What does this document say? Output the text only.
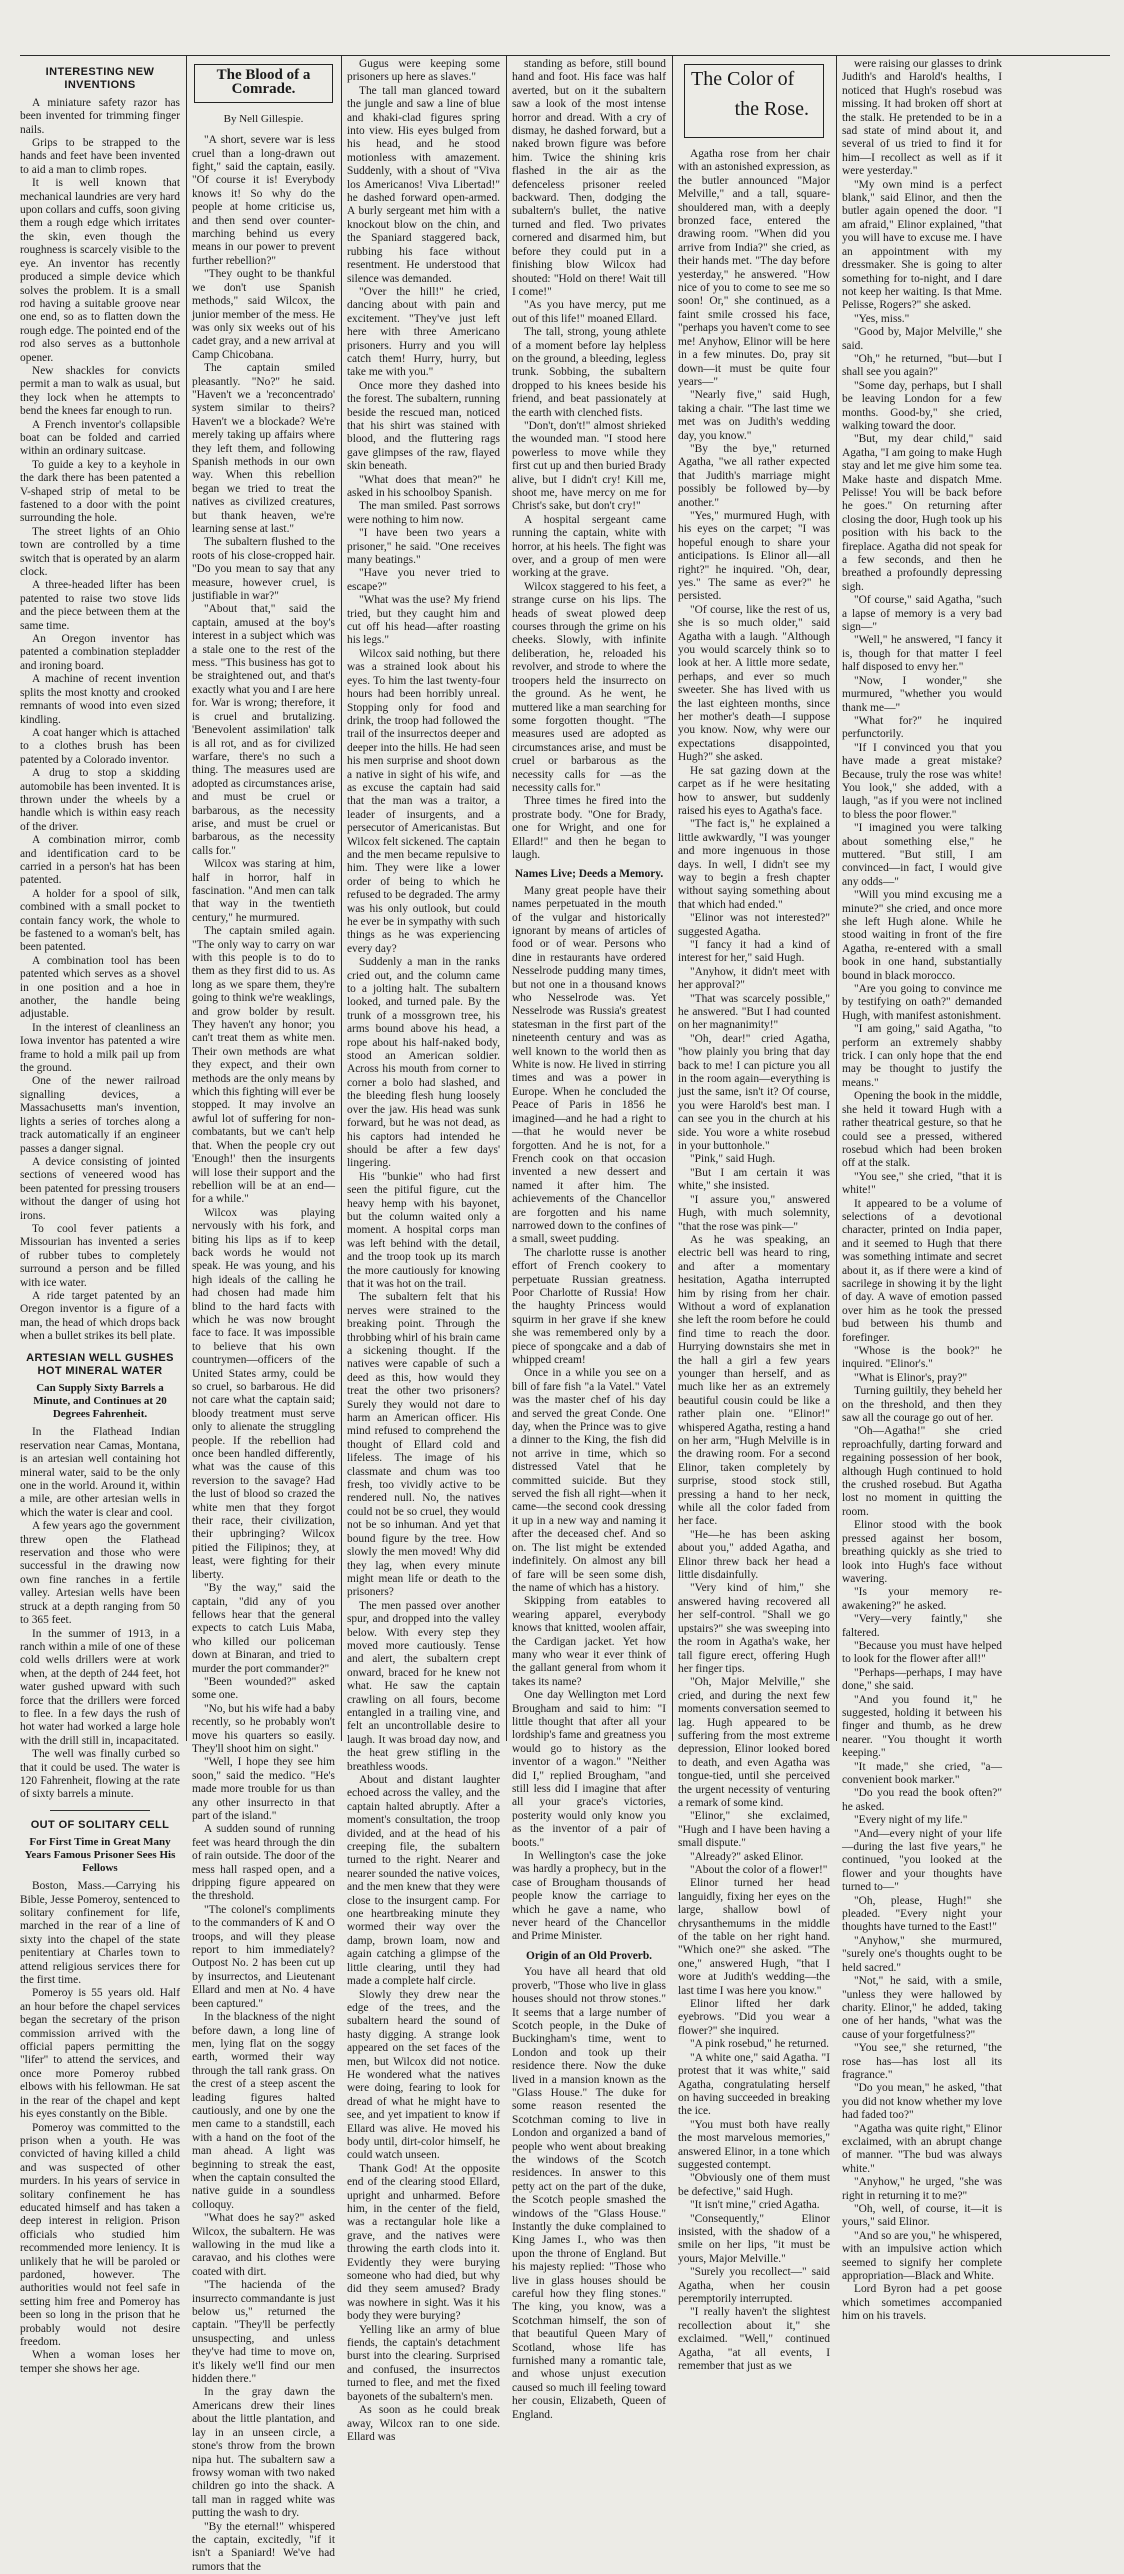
INTERESTING NEW INVENTIONS

A miniature safety razor has been invented for trimming finger nails.

Grips to be strapped to the hands and feet have been invented to aid a man to climb ropes.

It is well known that mechanical laundries are very hard upon collars and cuffs, soon giving them a rough edge which irritates the skin, even though the roughness is scarcely visible to the eye. An inventor has recently produced a simple device which solves the problem. It is a small rod having a suitable groove near one end, so as to flatten down the rough edge. The pointed end of the rod also serves as a buttonhole opener.

New shackles for convicts permit a man to walk as usual, but they lock when he attempts to bend the knees far enough to run.

A French inventor's collapsible boat can be folded and carried within an ordinary suitcase.

To guide a key to a keyhole in the dark there has been patented a V-shaped strip of metal to be fastened to a door with the point surrounding the hole.

The street lights of an Ohio town are controlled by a time switch that is operated by an alarm clock.

A three-headed lifter has been patented to raise two stove lids and the piece between them at the same time.

An Oregon inventor has patented a combination stepladder and ironing board.

A machine of recent invention splits the most knotty and crooked remnants of wood into even sized kindling.

A coat hanger which is attached to a clothes brush has been patented by a Colorado inventor.

A drug to stop a skidding automobile has been invented. It is thrown under the wheels by a handle which is within easy reach of the driver.

A combination mirror, comb and identification card to be carried in a person's hat has been patented.

A holder for a spool of silk, combined with a small pocket to contain fancy work, the whole to be fastened to a woman's belt, has been patented.

A combination tool has been patented which serves as a shovel in one position and a hoe in another, the handle being adjustable.

In the interest of cleanliness an Iowa inventor has patented a wire frame to hold a milk pail up from the ground.

One of the newer railroad signalling devices, a Massachusetts man's invention, lights a series of torches along a track automatically if an engineer passes a danger signal.

A device consisting of jointed sections of veneered wood has been patented for pressing trousers without the danger of using hot irons.

To cool fever patients a Missourian has invented a series of rubber tubes to completely surround a person and be filled with ice water.

A ride target patented by an Oregon inventor is a figure of a man, the head of which drops back when a bullet strikes its bell plate.

ARTESIAN WELL GUSHES HOT MINERAL WATER
Can Supply Sixty Barrels a Minute, and Continues at 20 Degrees Fahrenheit.

In the Flathead Indian reservation near Camas, Montana, is an artesian well containing hot mineral water, said to be the only one in the world. Around it, within a mile, are other artesian wells in which the water is clear and cool.

A few years ago the government threw open the Flathead reservation and those who were successful in the drawing now own fine ranches in a fertile valley. Artesian wells have been struck at a depth ranging from 50 to 365 feet.

In the summer of 1913, in a ranch within a mile of one of these cold wells drillers were at work when, at the depth of 244 feet, hot water gushed upward with such force that the drillers were forced to flee. In a few days the rush of hot water had worked a large hole with the drill still in, incapacitated.

The well was finally curbed so that it could be used. The water is 120 Fahrenheit, flowing at the rate of sixty barrels a minute.

OUT OF SOLITARY CELL
For First Time in Great Many Years Famous Prisoner Sees His Fellows

Boston, Mass.—Carrying his Bible, Jesse Pomeroy, sentenced to solitary confinement for life, marched in the rear of a line of sixty into the chapel of the state penitentiary at Charles town to attend religious services there for the first time.

Pomeroy is 55 years old. Half an hour before the chapel services began the secretary of the prison commission arrived with the official papers permitting the "lifer" to attend the services, and once more Pomeroy rubbed elbows with his fellowman. He sat in the rear of the chapel and kept his eyes constantly on the Bible.

Pomeroy was committed to the prison when a youth. He was convicted of having killed a child and was suspected of other murders. In his years of service in solitary confinement he has educated himself and has taken a deep interest in religion. Prison officials who studied him recommended more leniency. It is unlikely that he will be paroled or pardoned, however. The authorities would not feel safe in setting him free and Pomeroy has been so long in the prison that he probably would not desire freedom.

When a woman loses her temper she shows her age.

The Blood of a Comrade.
By Nell Gillespie.

"A short, severe war is less cruel than a long-drawn out fight," said the captain, easily. "Of course it is! Everybody knows it! So why do the people at home criticise us, and then send over counter-marching behind us every means in our power to prevent further rebellion?"

"They ought to be thankful we don't use Spanish methods," said Wilcox, the junior member of the mess. He was only six weeks out of his cadet gray, and a new arrival at Camp Chicobana.

The captain smiled pleasantly. "No?" he said. "Haven't we a 'reconcentrado' system similar to theirs? Haven't we a blockade? We're merely taking up affairs where they left them, and following Spanish methods in our own way. When this rebellion began we tried to treat the natives as civilized creatures, but thank heaven, we're learning sense at last."

The subaltern flushed to the roots of his close-cropped hair. "Do you mean to say that any measure, however cruel, is justifiable in war?"

"About that," said the captain, amused at the boy's interest in a subject which was a stale one to the rest of the mess. "This business has got to be straightened out, and that's exactly what you and I are here for. War is wrong; therefore, it is cruel and brutalizing. 'Benevolent assimilation' talk is all rot, and as for civilized warfare, there's no such a thing. The measures used are adopted as circumstances arise, and must be cruel or barbarous, as the necessity arise, and must be cruel or barbarous, as the necessity calls for."

Wilcox was staring at him, half in horror, half in fascination. "And men can talk that way in the twentieth century," he murmured.

The captain smiled again. "The only way to carry on war with this people is to do to them as they first did to us. As long as we spare them, they're going to think we're weaklings, and grow bolder by result. They haven't any honor; you can't treat them as white men. Their own methods are what they expect, and their own methods are the only means by which this fighting will ever be stopped. It may involve an awful lot of suffering for non-combatants, but we can't help that. When the people cry out 'Enough!' then the insurgents will lose their support and the rebellion will be at an end—for a while."

Wilcox was playing nervously with his fork, and biting his lips as if to keep back words he would not speak. He was young, and his high ideals of the calling he had chosen had made him blind to the hard facts with which he was now brought face to face. It was impossible to believe that his own countrymen—officers of the United States army, could be so cruel, so barbarous. He did not care what the captain said; bloody treatment must serve only to alienate the struggling people. If the rebellion had once been handled differently, what was the cause of this reversion to the savage? Had the lust of blood so crazed the white men that they forgot their race, their civilization, their upbringing? Wilcox pitied the Filipinos; they, at least, were fighting for their liberty.

"By the way," said the captain, "did any of you fellows hear that the general expects to catch Luis Maba, who killed our policeman down at Binaran, and tried to murder the port commander?"

"Been wounded?" asked some one.

"No, but his wife had a baby recently, so he probably won't move his quarters so easily. They'll shoot him on sight."

"Well, I hope they see him soon," said the medico. "He's made more trouble for us than any other insurrecto in that part of the island."

A sudden sound of running feet was heard through the din of rain outside. The door of the mess hall rasped open, and a dripping figure appeared on the threshold.

"The colonel's compliments to the commanders of K and O troops, and will they please report to him immediately? Outpost No. 2 has been cut up by insurrectos, and Lieutenant Ellard and men at No. 4 have been captured."

In the blackness of the night before dawn, a long line of men, lying flat on the soggy earth, wormed their way through the tall rank grass. On the crest of a steep ascent the leading figures halted cautiously, and one by one the men came to a standstill, each with a hand on the foot of the man ahead. A light was beginning to streak the east, when the captain consulted the native guide in a soundless colloquy.

"What does he say?" asked Wilcox, the subaltern. He was wallowing in the mud like a caravao, and his clothes were coated with dirt.

"The hacienda of the insurrecto commandante is just below us," returned the captain. "They'll be perfectly unsuspecting, and unless they've had time to move on, it's likely we'll find our men hidden there."

In the gray dawn the Americans drew their lines about the little plantation, and lay in an unseen circle, a stone's throw from the brown nipa hut. The subaltern saw a frowsy woman with two naked children go into the shack. A tall man in ragged white was putting the wash to dry.

"By the eternal!" whispered the captain, excitedly, "if it isn't a Spaniard! We've had rumors that the

Gugus were keeping some prisoners up here as slaves."

The tall man glanced toward the jungle and saw a line of blue and khaki-clad figures spring into view. His eyes bulged from his head, and he stood motionless with amazement. Suddenly, with a shout of "Viva los Americanos! Viva Libertad!" he dashed forward open-armed. A burly sergeant met him with a knockout blow on the chin, and the Spaniard staggered back, rubbing his face without resentment. He understood that silence was demanded.

"Over the hill!" he cried, dancing about with pain and excitement. "They've just left here with three Americano prisoners. Hurry and you will catch them! Hurry, hurry, but take me with you."

Once more they dashed into the forest. The subaltern, running beside the rescued man, noticed that his shirt was stained with blood, and the fluttering rags gave glimpses of the raw, flayed skin beneath.

"What does that mean?" he asked in his schoolboy Spanish.

The man smiled. Past sorrows were nothing to him now.

"I have been two years a prisoner," he said. "One receives many beatings."

"Have you never tried to escape?"

"What was the use? My friend tried, but they caught him and cut off his head—after roasting his legs."

Wilcox said nothing, but there was a strained look about his eyes. To him the last twenty-four hours had been horribly unreal. Stopping only for food and drink, the troop had followed the trail of the insurrectos deeper and deeper into the hills. He had seen his men surprise and shoot down a native in sight of his wife, and as excuse the captain had said that the man was a traitor, a leader of insurgents, and a persecutor of Americanistas. But Wilcox felt sickened. The captain and the men became repulsive to him. They were like a lower order of being to which he refused to be degraded. The army was his only outlook, but could he ever be in sympathy with such things as he was experiencing every day?

Suddenly a man in the ranks cried out, and the column came to a jolting halt. The subaltern looked, and turned pale. By the trunk of a mossgrown tree, his arms bound above his head, a rope about his half-naked body, stood an American soldier. Across his mouth from corner to corner a bolo had slashed, and the bleeding flesh hung loosely over the jaw. His head was sunk forward, but he was not dead, as his captors had intended he should be after a few days' lingering.

His "bunkie" who had first seen the pitiful figure, cut the heavy hemp with his bayonet, but the column waited only a moment. A hospital corps man was left behind with the detail, and the troop took up its march the more cautiously for knowing that it was hot on the trail.

The subaltern felt that his nerves were strained to the breaking point. Through the throbbing whirl of his brain came a sickening thought. If the natives were capable of such a deed as this, how would they treat the other two prisoners? Surely they would not dare to harm an American officer. His mind refused to comprehend the thought of Ellard cold and lifeless. The image of his classmate and chum was too fresh, too vividly active to be rendered null. No, the natives could not be so cruel, they would not be so inhuman. And yet that bound figure by the tree. How slowly the men moved! Why did they lag, when every minute might mean life or death to the prisoners?

The men passed over another spur, and dropped into the valley below. With every step they moved more cautiously. Tense and alert, the subaltern crept onward, braced for he knew not what. He saw the captain crawling on all fours, become entangled in a trailing vine, and felt an uncontrollable desire to laugh. It was broad day now, and the heat grew stifling in the breathless woods.

About and distant laughter echoed across the valley, and the captain halted abruptly. After a moment's consultation, the troop divided, and at the head of his creeping file, the subaltern turned to the right. Nearer and nearer sounded the native voices, and the men knew that they were close to the insurgent camp. For one heartbreaking minute they wormed their way over the damp, brown loam, now and again catching a glimpse of the little clearing, until they had made a complete half circle.

Slowly they drew near the edge of the trees, and the subaltern heard the sound of hasty digging. A strange look appeared on the set faces of the men, but Wilcox did not notice. He wondered what the natives were doing, fearing to look for dread of what he might have to see, and yet impatient to know if Ellard was alive. He moved his body until, dirt-color himself, he could watch unseen.

Thank God! At the opposite end of the clearing stood Ellard, upright and unharmed. Before him, in the center of the field, was a rectangular hole like a grave, and the natives were throwing the earth clods into it. Evidently they were burying someone who had died, but why did they seem amused? Brady was nowhere in sight. Was it his body they were burying?

Yelling like an army of blue fiends, the captain's detachment burst into the clearing. Surprised and confused, the insurrectos turned to flee, and met the fixed bayonets of the subaltern's men.

As soon as he could break away, Wilcox ran to one side. Ellard was

standing as before, still bound hand and foot. His face was half averted, but on it the subaltern saw a look of the most intense horror and dread. With a cry of dismay, he dashed forward, but a naked brown figure was before him. Twice the shining kris flashed in the air as the defenceless prisoner reeled backward. Then, dodging the subaltern's bullet, the native turned and fled. Two privates cornered and disarmed him, but before they could put in a finishing blow Wilcox had shouted: "Hold on there! Wait till I come!"

"As you have mercy, put me out of this life!" moaned Ellard.

The tall, strong, young athlete of a moment before lay helpless on the ground, a bleeding, legless trunk. Sobbing, the subaltern dropped to his knees beside his friend, and beat passionately at the earth with clenched fists.

"Don't, don't!" almost shrieked the wounded man. "I stood here powerless to move while they first cut up and then buried Brady alive, but I didn't cry! Kill me, shoot me, have mercy on me for Christ's sake, but don't cry!"

A hospital sergeant came running the captain, white with horror, at his heels. The fight was over, and a group of men were working at the grave.

Wilcox staggered to his feet, a strange curse on his lips. The heads of sweat plowed deep courses through the grime on his cheeks. Slowly, with infinite deliberation, he, reloaded his revolver, and strode to where the troopers held the insurrecto on the ground. As he went, he muttered like a man searching for some forgotten thought. "The measures used are adopted as circumstances arise, and must be cruel or barbarous as the necessity calls for —as the necessity calls for."

Three times he fired into the prostrate body. "One for Brady, one for Wright, and one for Ellard!" and then he began to laugh.

Names Live; Deeds a Memory.

Many great people have their names perpetuated in the mouth of the vulgar and historically ignorant by means of articles of food or of wear. Persons who dine in restaurants have ordered Nesselrode pudding many times, but not one in a thousand knows who Nesselrode was. Yet Nesselrode was Russia's greatest statesman in the first part of the nineteenth century and was as well known to the world then as White is now. He lived in stirring times and was a power in Europe. When he concluded the Peace of Paris in 1856 he imagined—and he had a right to—that he would never be forgotten. And he is not, for a French cook on that occasion invented a new dessert and named it after him. The achievements of the Chancellor are forgotten and his name narrowed down to the confines of a small, sweet pudding.

The charlotte russe is another effort of French cookery to perpetuate Russian greatness. Poor Charlotte of Russia! How the haughty Princess would squirm in her grave if she knew she was remembered only by a piece of spongcake and a dab of whipped cream!

Once in a while you see on a bill of fare fish "a la Vatel." Vatel was the master chef of his day and served the great Conde. One day, when the Prince was to give a dinner to the King, the fish did not arrive in time, which so distressed Vatel that he committed suicide. But they served the fish all right—when it came—the second cook dressing it up in a new way and naming it after the deceased chef. And so on. The list might be extended indefinitely. On almost any bill of fare will be seen some dish, the name of which has a history.

Skipping from eatables to wearing apparel, everybody knows that knitted, woolen affair, the Cardigan jacket. Yet how many who wear it ever think of the gallant general from whom it takes its name?

One day Wellington met Lord Brougham and said to him: "I little thought that after all your lordship's fame and greatness you would go to history as the inventor of a wagon." "Neither did I," replied Brougham, "and still less did I imagine that after all your grace's victories, posterity would only know you as the inventor of a pair of boots."

In Wellington's case the joke was hardly a prophecy, but in the case of Brougham thousands of people know the carriage to which he gave a name, who never heard of the Chancellor and Prime Minister.

Origin of an Old Proverb.

You have all heard that old proverb, "Those who live in glass houses should not throw stones." It seems that a large number of Scotch people, in the Duke of Buckingham's time, went to London and took up their residence there. Now the duke lived in a mansion known as the "Glass House." The duke for some reason resented the Scotchman coming to live in London and organized a band of people who went about breaking the windows of the Scotch residences. In answer to this petty act on the part of the duke, the Scotch people smashed the windows of the "Glass House." Instantly the duke complained to King James I., who was then upon the throne of England. But his majesty replied: "Those who live in glass houses should be careful how they fling stones." The king, you know, was a Scotchman himself, the son of that beautiful Queen Mary of Scotland, whose life has furnished many a romantic tale, and whose unjust execution caused so much ill feeling toward her cousin, Elizabeth, Queen of England.

The Color of
the Rose.

Agatha rose from her chair with an astonished expression, as the butler announced "Major Melville," and a tall, square-shouldered man, with a deeply bronzed face, entered the drawing room. "When did you arrive from India?" she cried, as their hands met. "The day before yesterday," he answered. "How nice of you to come to see me so soon! Or," she continued, as a faint smile crossed his face, "perhaps you haven't come to see me! Anyhow, Elinor will be here in a few minutes. Do, pray sit down—it must be quite four years—"

"Nearly five," said Hugh, taking a chair. "The last time we met was on Judith's wedding day, you know."

"By the bye," returned Agatha, "we all rather expected that Judith's marriage might possibly be followed by—by another."

"Yes," murmured Hugh, with his eyes on the carpet; "I was hopeful enough to share your anticipations. Is Elinor all—all right?" he inquired. "Oh, dear, yes." The same as ever?" he persisted.

"Of course, like the rest of us, she is so much older," said Agatha with a laugh. "Although you would scarcely think so to look at her. A little more sedate, perhaps, and ever so much sweeter. She has lived with us the last eighteen months, since her mother's death—I suppose you know. Now, why were our expectations disappointed, Hugh?" she asked.

He sat gazing down at the carpet as if he were hesitating how to answer, but suddenly raised his eyes to Agatha's face.

"The fact is," he explained a little awkwardly, "I was younger and more ingenuous in those days. In well, I didn't see my way to begin a fresh chapter without saying something about that which had ended."

"Elinor was not interested?" suggested Agatha.

"I fancy it had a kind of interest for her," said Hugh.

"Anyhow, it didn't meet with her approval?"

"That was scarcely possible," he answered. "But I had counted on her magnanimity!"

"Oh, dear!" cried Agatha, "how plainly you bring that day back to me! I can picture you all in the room again—everything is just the same, isn't it? Of course, you were Harold's best man. I can see you in the church at his side. You wore a white rosebud in your buttonhole."

"Pink," said Hugh.

"But I am certain it was white," she insisted.

"I assure you," answered Hugh, with much solemnity, "that the rose was pink—"

As he was speaking, an electric bell was heard to ring, and after a momentary hesitation, Agatha interrupted him by rising from her chair. Without a word of explanation she left the room before he could find time to reach the door. Hurrying downstairs she met in the hall a girl a few years younger than herself, and as much like her as an extremely beautiful cousin could be like a rather plain one. "Elinor!" whispered Agatha, resting a hand on her arm, "Hugh Melville is in the drawing room. For a second Elinor, taken completely by surprise, stood stock still, pressing a hand to her neck, while all the color faded from her face.

"He—he has been asking about you," added Agatha, and Elinor threw back her head a little disdainfully.

"Very kind of him," she answered having recovered all her self-control. "Shall we go upstairs?" she was sweeping into the room in Agatha's wake, her tall figure erect, offering Hugh her finger tips.

"Oh, Major Melville," she cried, and during the next few moments conversation seemed to lag. Hugh appeared to be suffering from the most extreme depression, Elinor looked bored to death, and even Agatha was tongue-tied, until she perceived the urgent necessity of venturing a remark of some kind.

"Elinor," she exclaimed, "Hugh and I have been having a small dispute."

"Already?" asked Elinor.

"About the color of a flower!"

Elinor turned her head languidly, fixing her eyes on the large, shallow bowl of chrysanthemums in the middle of the table on her right hand. "Which one?" she asked. "The one," answered Hugh, "that I wore at Judith's wedding—the last time I was here you know."

Elinor lifted her dark eyebrows. "Did you wear a flower?" she inquired.

"A pink rosebud," he returned.

"A white one," said Agatha. "I protest that it was white," said Agatha, congratulating herself on having succeeded in breaking the ice.

"You must both have really the most marvelous memories," answered Elinor, in a tone which suggested contempt.

"Obviously one of them must be defective," said Hugh.

"It isn't mine," cried Agatha.

"Consequently," Elinor insisted, with the shadow of a smile on her lips, "it must be yours, Major Melville."

"Surely you recollect—" said Agatha, when her cousin peremptorily interrupted.

"I really haven't the slightest recollection about it," she exclaimed. "Well," continued Agatha, "at all events, I remember that just as we

were raising our glasses to drink Judith's and Harold's healths, I noticed that Hugh's rosebud was missing. It had broken off short at the stalk. He pretended to be in a sad state of mind about it, and several of us tried to find it for him—I recollect as well as if it were yesterday."

"My own mind is a perfect blank," said Elinor, and then the butler again opened the door. "I am afraid," Elinor explained, "that you will have to excuse me. I have an appointment with my dressmaker. She is going to alter something for to-night, and I dare not keep her waiting. Is that Mme. Pelisse, Rogers?" she asked.

"Yes, miss."

"Good by, Major Melville," she said.

"Oh," he returned, "but—but I shall see you again?"

"Some day, perhaps, but I shall be leaving London for a few months. Good-by," she cried, walking toward the door.

"But, my dear child," said Agatha, "I am going to make Hugh stay and let me give him some tea. Make haste and dispatch Mme. Pelisse! You will be back before he goes." On returning after closing the door, Hugh took up his position with his back to the fireplace. Agatha did not speak for a few seconds, and then he breathed a profoundly depressing sigh.

"Of course," said Agatha, "such a lapse of memory is a very bad sign—"

"Well," he answered, "I fancy it is, though for that matter I feel half disposed to envy her."

"Now, I wonder," she murmured, "whether you would thank me—"

"What for?" he inquired perfunctorily.

"If I convinced you that you have made a great mistake? Because, truly the rose was white! You look," she added, with a laugh, "as if you were not inclined to bless the poor flower."

"I imagined you were talking about something else," he muttered. "But still, I am convinced—in fact, I would give any odds—"

"Will you mind excusing me a minute?" she cried, and once more she left Hugh alone. While he stood waiting in front of the fire Agatha, re-entered with a small book in one hand, substantially bound in black morocco.

"Are you going to convince me by testifying on oath?" demanded Hugh, with manifest astonishment.

"I am going," said Agatha, "to perform an extremely shabby trick. I can only hope that the end may be thought to justify the means."

Opening the book in the middle, she held it toward Hugh with a rather theatrical gesture, so that he could see a pressed, withered rosebud which had been broken off at the stalk.

"You see," she cried, "that it is white!"

It appeared to be a volume of selections of a devotional character, printed on India paper, and it seemed to Hugh that there was something intimate and secret about it, as if there were a kind of sacrilege in showing it by the light of day. A wave of emotion passed over him as he took the pressed bud between his thumb and forefinger.

"Whose is the book?" he inquired. "Elinor's."

"What is Elinor's, pray?"

Turning guiltily, they beheld her on the threshold, and then they saw all the courage go out of her.

"Oh—Agatha!" she cried reproachfully, darting forward and regaining possession of her book, although Hugh continued to hold the crushed rosebud. But Agatha lost no moment in quitting the room.

Elinor stood with the book pressed against her bosom, breathing quickly as she tried to look into Hugh's face without wavering.

"Is your memory re-awakening?" he asked.

"Very—very faintly," she faltered.

"Because you must have helped to look for the flower after all!"

"Perhaps—perhaps, I may have done," she said.

"And you found it," he suggested, holding it between his finger and thumb, as he drew nearer. "You thought it worth keeping."

"It made," she cried, "a—convenient book marker."

"Do you read the book often?" he asked.

"Every night of my life."

"And—every night of your life—during the last five years," he continued, "you looked at the flower and your thoughts have turned to—"

"Oh, please, Hugh!" she pleaded. "Every night your thoughts have turned to the East!"

"Anyhow," she murmured, "surely one's thoughts ought to be held sacred."

"Not," he said, with a smile, "unless they were hallowed by charity. Elinor," he added, taking one of her hands, "what was the cause of your forgetfulness?"

"You see," she returned, "the rose has—has lost all its fragrance."

"Do you mean," he asked, "that you did not know whether my love had faded too?"

"Agatha was quite right," Elinor exclaimed, with an abrupt change of manner. "The bud was always white."

"Anyhow," he urged, "she was right in returning it to me?"

"Oh, well, of course, it—it is yours," said Elinor.

"And so are you," he whispered, with an impulsive action which seemed to signify her complete appropriation—Black and White.

Lord Byron had a pet goose which sometimes accompanied him on his travels.
